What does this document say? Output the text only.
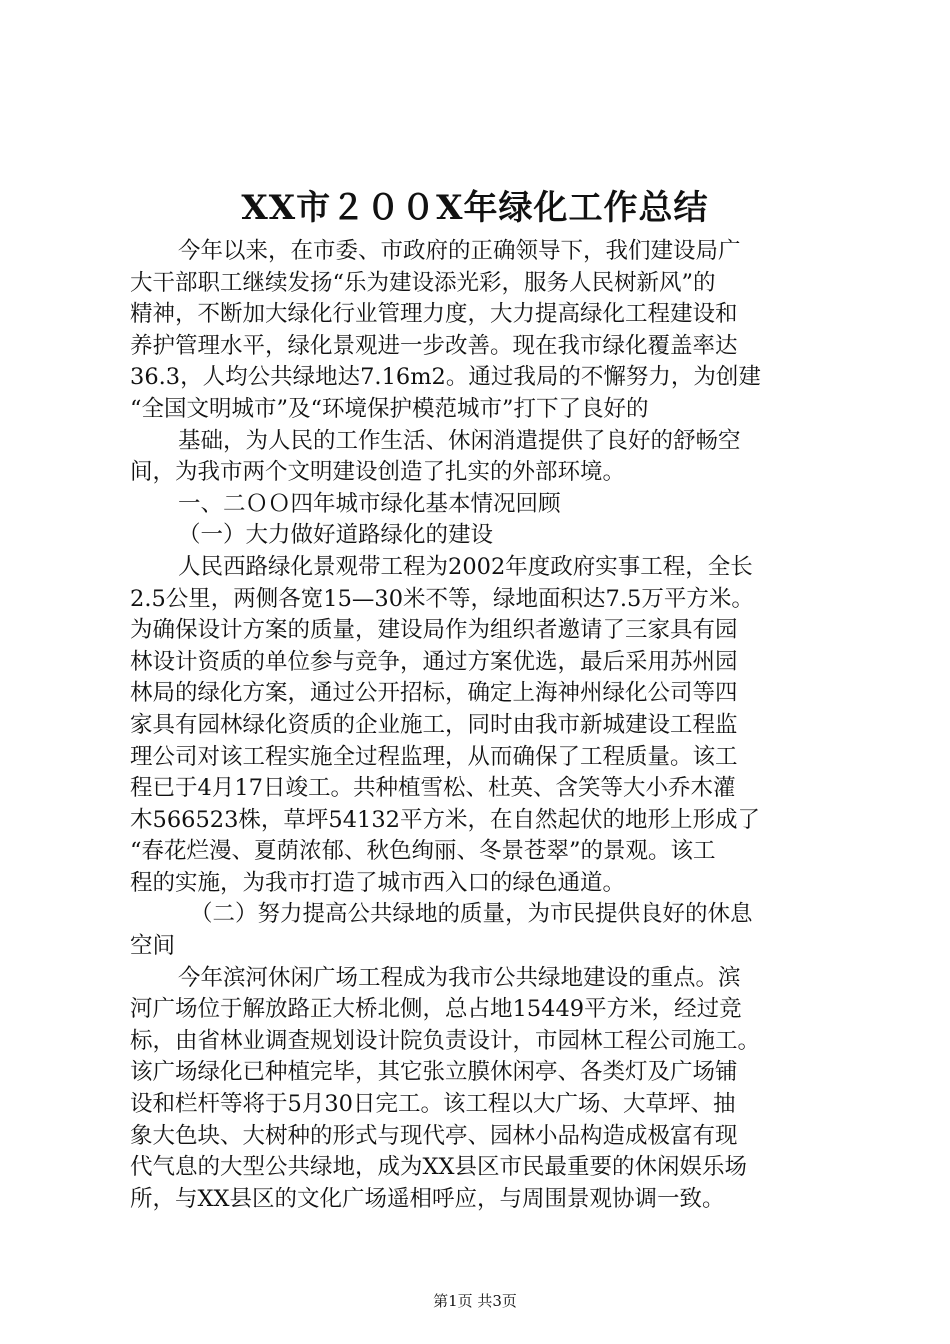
XX市２００X年绿化工作总结
今年以来，在市委、市政府的正确领导下，我们建设局广
大干部职工继续发扬“乐为建设添光彩，服务人民树新风”的
精神，不断加大绿化行业管理力度，大力提高绿化工程建设和
养护管理水平，绿化景观进一步改善。现在我市绿化覆盖率达
36.3，人均公共绿地达7.16m2。通过我局的不懈努力，为创建
“全国文明城市”及“环境保护模范城市”打下了良好的
基础，为人民的工作生活、休闲消遣提供了良好的舒畅空
间，为我市两个文明建设创造了扎实的外部环境。
一、二ＯＯ四年城市绿化基本情况回顾
（一）大力做好道路绿化的建设
人民西路绿化景观带工程为2002年度政府实事工程，全长
2.5公里，两侧各宽15—30米不等，绿地面积达7.5万平方米。
为确保设计方案的质量，建设局作为组织者邀请了三家具有园
林设计资质的单位参与竞争，通过方案优选，最后采用苏州园
林局的绿化方案，通过公开招标，确定上海神州绿化公司等四
家具有园林绿化资质的企业施工，同时由我市新城建设工程监
理公司对该工程实施全过程监理，从而确保了工程质量。该工
程已于4月17日竣工。共种植雪松、杜英、含笑等大小乔木灌
木566523株，草坪54132平方米，在自然起伏的地形上形成了
“春花烂漫、夏荫浓郁、秋色绚丽、冬景苍翠”的景观。该工
程的实施，为我市打造了城市西入口的绿色通道。
（二）努力提高公共绿地的质量，为市民提供良好的休息
空间
今年滨河休闲广场工程成为我市公共绿地建设的重点。滨
河广场位于解放路正大桥北侧，总占地15449平方米，经过竞
标，由省林业调查规划设计院负责设计，市园林工程公司施工。
该广场绿化已种植完毕，其它张立膜休闲亭、各类灯及广场铺
设和栏杆等将于5月30日完工。该工程以大广场、大草坪、抽
象大色块、大树种的形式与现代亭、园林小品构造成极富有现
代气息的大型公共绿地，成为XX县区市民最重要的休闲娱乐场
所，与XX县区的文化广场遥相呼应，与周围景观协调一致。
第1页 共3页
